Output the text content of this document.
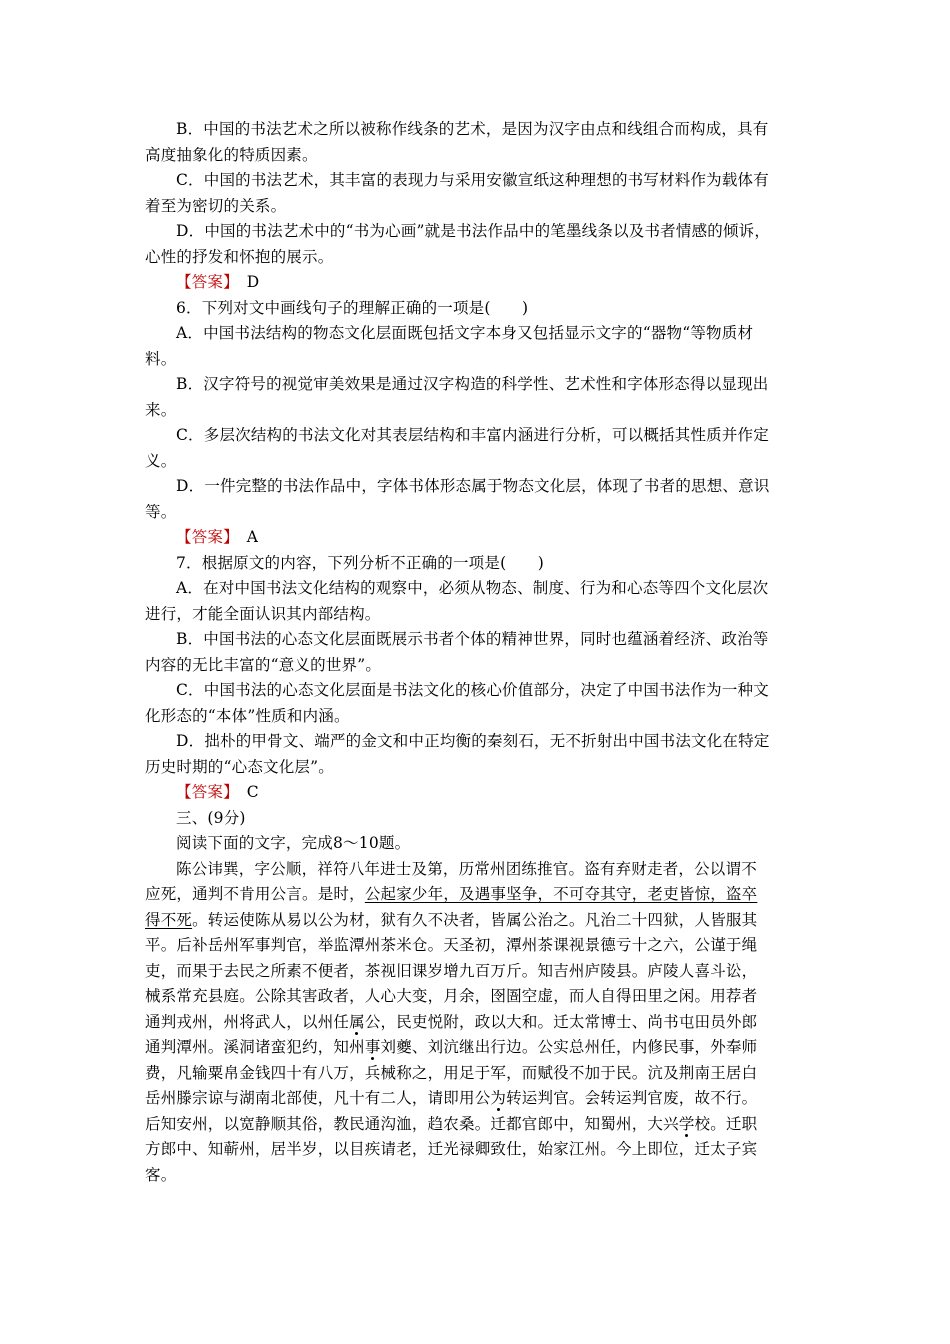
B．中国的书法艺术之所以被称作线条的艺术，是因为汉字由点和线组合而构成，具有
高度抽象化的特质因素。
C．中国的书法艺术，其丰富的表现力与采用安徽宣纸这种理想的书写材料作为载体有
着至为密切的关系。
D．中国的书法艺术中的“书为心画”就是书法作品中的笔墨线条以及书者情感的倾诉，
心性的抒发和怀抱的展示。
【答案】　 D
6．下列对文中画线句子的理解正确的一项是(　　)
A．中国书法结构的物态文化层面既包括文字本身又包括显示文字的“器物“等物质材
料。
B．汉字符号的视觉审美效果是通过汉字构造的科学性、艺术性和字体形态得以显现出
来。
C．多层次结构的书法文化对其表层结构和丰富内涵进行分析，可以概括其性质并作定
义。
D．一件完整的书法作品中，字体书体形态属于物态文化层，体现了书者的思想、意识
等。
【答案】　 A
7．根据原文的内容，下列分析不正确的一项是(　　)
A．在对中国书法文化结构的观察中，必须从物态、制度、行为和心态等四个文化层次
进行，才能全面认识其内部结构。
B．中国书法的心态文化层面既展示书者个体的精神世界，同时也蕴涵着经济、政治等
内容的无比丰富的“意义的世界”。
C．中国书法的心态文化层面是书法文化的核心价值部分，决定了中国书法作为一种文
化形态的“本体”性质和内涵。
D．拙朴的甲骨文、端严的金文和中正均衡的秦刻石，无不折射出中国书法文化在特定
历史时期的“心态文化层”。
【答案】　 C
三、(9分)
阅读下面的文字，完成8～10题。
陈公讳巽，字公顺，祥符八年进士及第，历常州团练推官。盗有弃财走者，公以谓不
应死，通判不肯用公言。是时，公起家少年，及遇事坚争，不可夺其守，老吏皆惊，盗卒
得不死。转运使陈从易以公为材，狱有久不决者，皆属公治之。凡治二十四狱，人皆服其
平。后补岳州军事判官，举监潭州茶米仓。天圣初，潭州茶课视景德亏十之六，公谨于绳
吏，而果于去民之所素不便者，茶视旧课岁增九百万斤。知吉州庐陵县。庐陵人喜斗讼，
械系常充县庭。公除其害政者，人心大变，月余，囹圄空虚，而人自得田里之闲。用荐者
通判戎州，州将武人，以州任属公，民吏悦附，政以大和。迁太常博士、尚书屯田员外郎
通判潭州。溪洞诸蛮犯约，知州事刘夔、刘沆继出行边。公实总州任，内修民事，外奉师
费，凡输粟帛金钱四十有八万，兵械称之，用足于军，而赋役不加于民。沆及荆南王居白
岳州滕宗谅与湖南北部使，凡十有二人，请即用公为转运判官。会转运判官废，故不行。
后知安州，以宽静顺其俗，教民通沟洫，趋农桑。迁都官郎中，知蜀州，大兴学校。迁职
方郎中、知蕲州，居半岁，以目疾请老，迁光禄卿致仕，始家江州。今上即位，迁太子宾
客。
